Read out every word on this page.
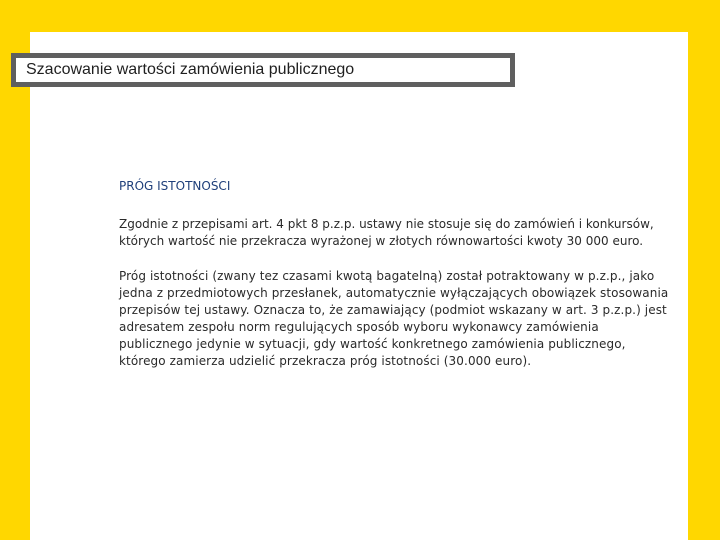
PRÓG ISTOTNOŚCI

Zgodnie z przepisami art. 4 pkt 8 p.z.p. ustawy nie stosuje się do zamówień i konkursów, których wartość nie przekracza wyrażonej w złotych równowartości kwoty 30 000 euro.

Próg istotności (zwany tez czasami kwotą bagatelną) został potraktowany w p.z.p., jako jedna z przedmiotowych przesłanek, automatycznie wyłączających obowiązek stosowania przepisów tej ustawy. Oznacza to, że zamawiający (podmiot wskazany w art. 3 p.z.p.) jest adresatem zespołu norm regulujących sposób wyboru wykonawcy zamówienia publicznego jedynie w sytuacji, gdy wartość konkretnego zamówienia publicznego, którego zamierza udzielić przekracza próg istotności (30.000 euro).

Szacowanie wartości zamówienia publicznego
